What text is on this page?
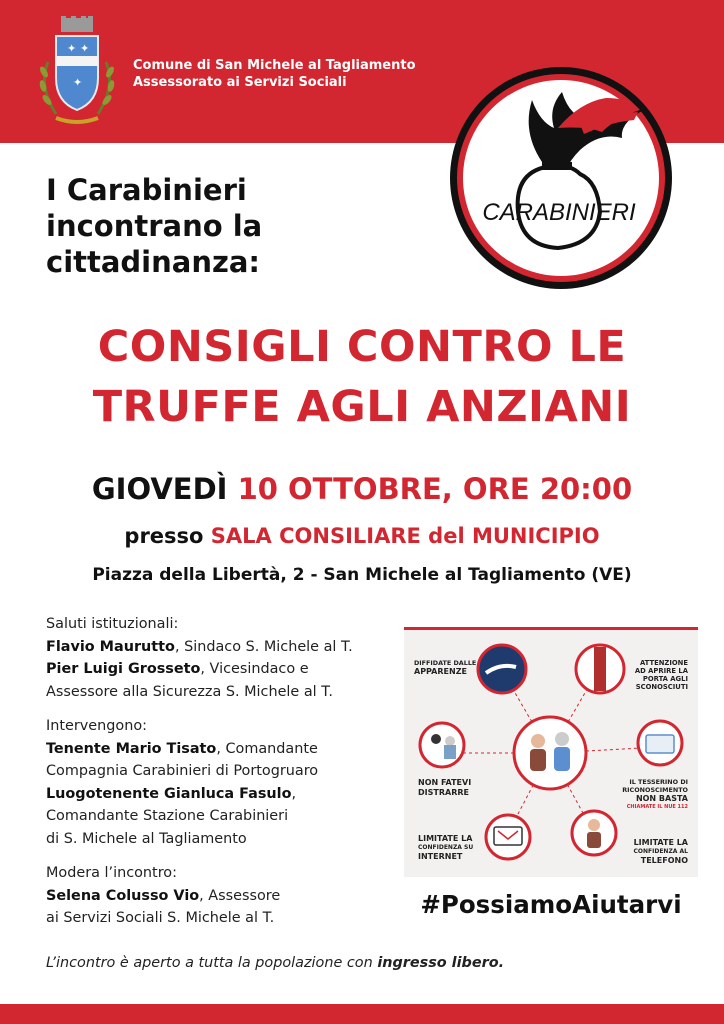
✦ ✦
✦
Comune di San Michele al Tagliamento
Assessorato ai Servizi Sociali
CARABINIERI
I Carabinieri
incontrano la
cittadinanza:
CONSIGLI CONTRO LE
TRUFFE AGLI ANZIANI
GIOVEDÌ 10 OTTOBRE, ORE 20:00
presso SALA CONSILIARE del MUNICIPIO
Piazza della Libertà, 2 - San Michele al Tagliamento (VE)
Saluti istituzionali:
Flavio Maurutto, Sindaco S. Michele al T.
Pier Luigi Grosseto, Vicesindaco e
Assessore alla Sicurezza S. Michele al T.
Intervengono:
Tenente Mario Tisato, Comandante
Compagnia Carabinieri di Portogruaro
Luogotenente Gianluca Fasulo,
Comandante Stazione Carabinieri
di S. Michele al Tagliamento
Modera l’incontro:
Selena Colusso Vio, Assessore
ai Servizi Sociali S. Michele al T.
DIFFIDATE DALLE
APPARENZE
ATTENZIONE
AD APRIRE LA
PORTA AGLI
SCONOSCIUTI
NON FATEVI
DISTRARRE
IL TESSERINO DI
RICONOSCIMENTO
NON BASTA
CHIAMATE IL NUE 112
LIMITATE LA
CONFIDENZA SU
INTERNET
LIMITATE LA
CONFIDENZA AL
TELEFONO
#PossiamoAiutarvi
L’incontro è aperto a tutta la popolazione con ingresso libero.
